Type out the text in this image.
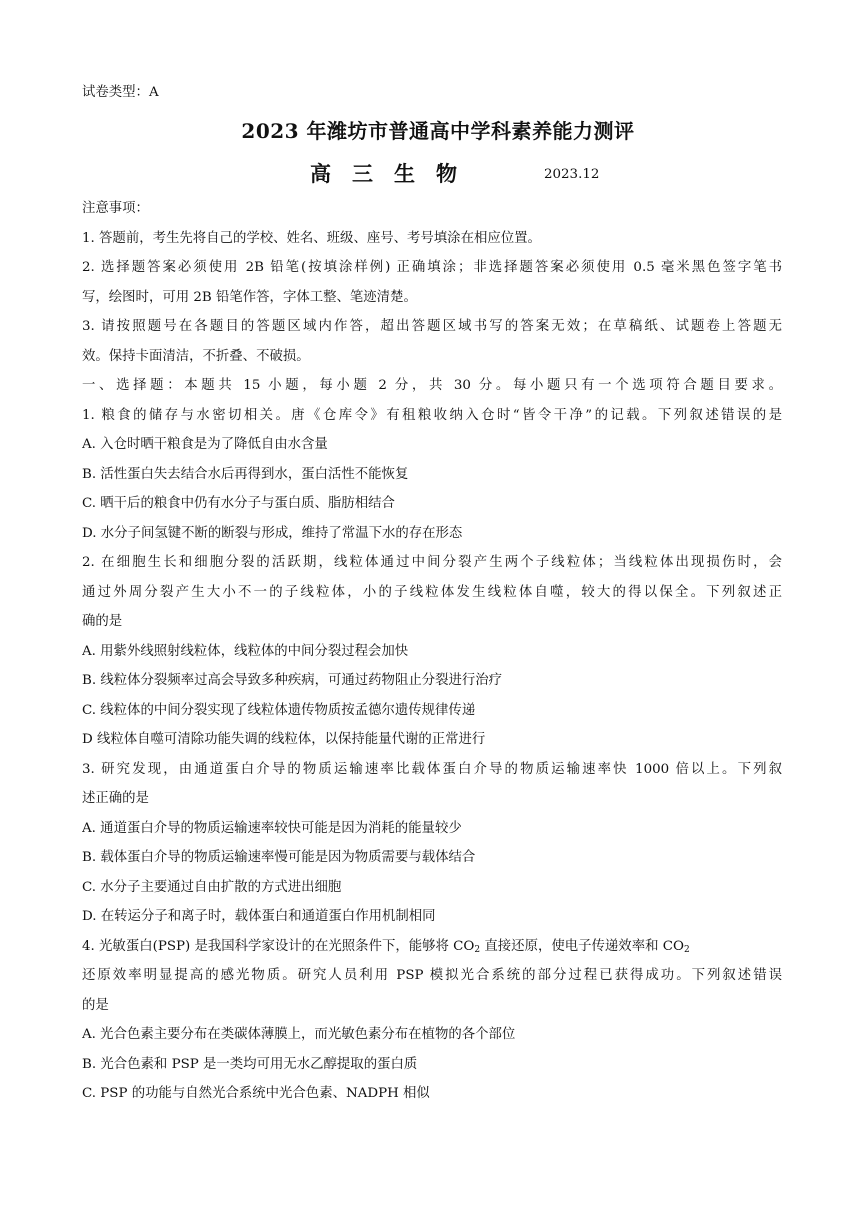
试卷类型：A
2023 年潍坊市普通高中学科素养能力测评
高三生物	2023.12
注意事项：
1. 答题前，考生先将自己的学校、姓名、班级、座号、考号填涂在相应位置。
2. 选择题答案必须使用 2B 铅笔(按填涂样例) 正确填涂；非选择题答案必须使用 0.5 毫米黑色签字笔书
写，绘图时，可用 2B 铅笔作答，字体工整、笔迹清楚。
3. 请按照题号在各题目的答题区域内作答，超出答题区域书写的答案无效；在草稿纸、试题卷上答题无
效。保持卡面清洁，不折叠、不破损。
一、选择题：本题共 15 小题，每小题 2 分，共 30 分。每小题只有一个选项符合题目要求。
1. 粮食的储存与水密切相关。唐《仓库令》有租粮收纳入仓时“皆令干净”的记载。下列叙述错误的是
A. 入仓时晒干粮食是为了降低自由水含量
B. 活性蛋白失去结合水后再得到水，蛋白活性不能恢复
C. 晒干后的粮食中仍有水分子与蛋白质、脂肪相结合
D. 水分子间氢键不断的断裂与形成，维持了常温下水的存在形态
2. 在细胞生长和细胞分裂的活跃期，线粒体通过中间分裂产生两个子线粒体；当线粒体出现损伤时，会
通过外周分裂产生大小不一的子线粒体，小的子线粒体发生线粒体自噬，较大的得以保全。下列叙述正
确的是
A. 用紫外线照射线粒体，线粒体的中间分裂过程会加快
B. 线粒体分裂频率过高会导致多种疾病，可通过药物阻止分裂进行治疗
C. 线粒体的中间分裂实现了线粒体遗传物质按孟德尔遗传规律传递
D 线粒体自噬可清除功能失调的线粒体，以保持能量代谢的正常进行
3. 研究发现，由通道蛋白介导的物质运输速率比载体蛋白介导的物质运输速率快 1000 倍以上。下列叙
述正确的是
A. 通道蛋白介导的物质运输速率较快可能是因为消耗的能量较少
B. 载体蛋白介导的物质运输速率慢可能是因为物质需要与载体结合
C. 水分子主要通过自由扩散的方式进出细胞
D. 在转运分子和离子时，载体蛋白和通道蛋白作用机制相同
4. 光敏蛋白(PSP) 是我国科学家设计的在光照条件下，能够将 $CO_2$ 直接还原，使电子传递效率和 $CO_2$
还原效率明显提高的感光物质。研究人员利用 PSP 模拟光合系统的部分过程已获得成功。下列叙述错误
的是
A. 光合色素主要分布在类碳体薄膜上，而光敏色素分布在植物的各个部位
B. 光合色素和 PSP 是一类均可用无水乙醇提取的蛋白质
C. PSP 的功能与自然光合系统中光合色素、NADPH 相似
